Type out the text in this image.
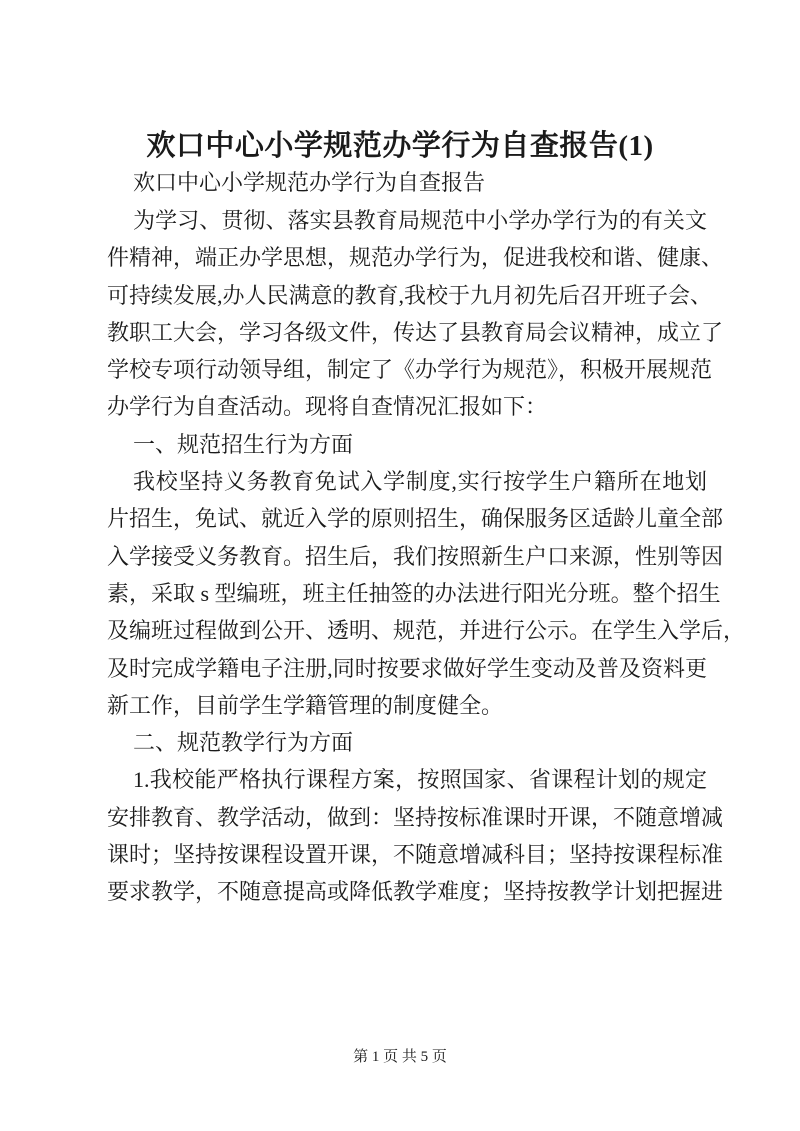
欢口中心小学规范办学行为自查报告(1)
欢口中心小学规范办学行为自查报告
为学习、贯彻、落实县教育局规范中小学办学行为的有关文
件精神，端正办学思想，规范办学行为，促进我校和谐、健康、
可持续发展,办人民满意的教育,我校于九月初先后召开班子会、
教职工大会，学习各级文件，传达了县教育局会议精神，成立了
学校专项行动领导组，制定了《办学行为规范》，积极开展规范
办学行为自查活动。现将自查情况汇报如下：
一、规范招生行为方面
我校坚持义务教育免试入学制度,实行按学生户籍所在地划
片招生，免试、就近入学的原则招生，确保服务区适龄儿童全部
入学接受义务教育。招生后，我们按照新生户口来源，性别等因
素，采取 s 型编班，班主任抽签的办法进行阳光分班。整个招生
及编班过程做到公开、透明、规范，并进行公示。在学生入学后，
及时完成学籍电子注册,同时按要求做好学生变动及普及资料更
新工作，目前学生学籍管理的制度健全。
二、规范教学行为方面
1.我校能严格执行课程方案，按照国家、省课程计划的规定
安排教育、教学活动，做到：坚持按标准课时开课，不随意增减
课时；坚持按课程设置开课，不随意增减科目；坚持按课程标准
要求教学，不随意提高或降低教学难度；坚持按教学计划把握进
第 1 页 共 5 页
